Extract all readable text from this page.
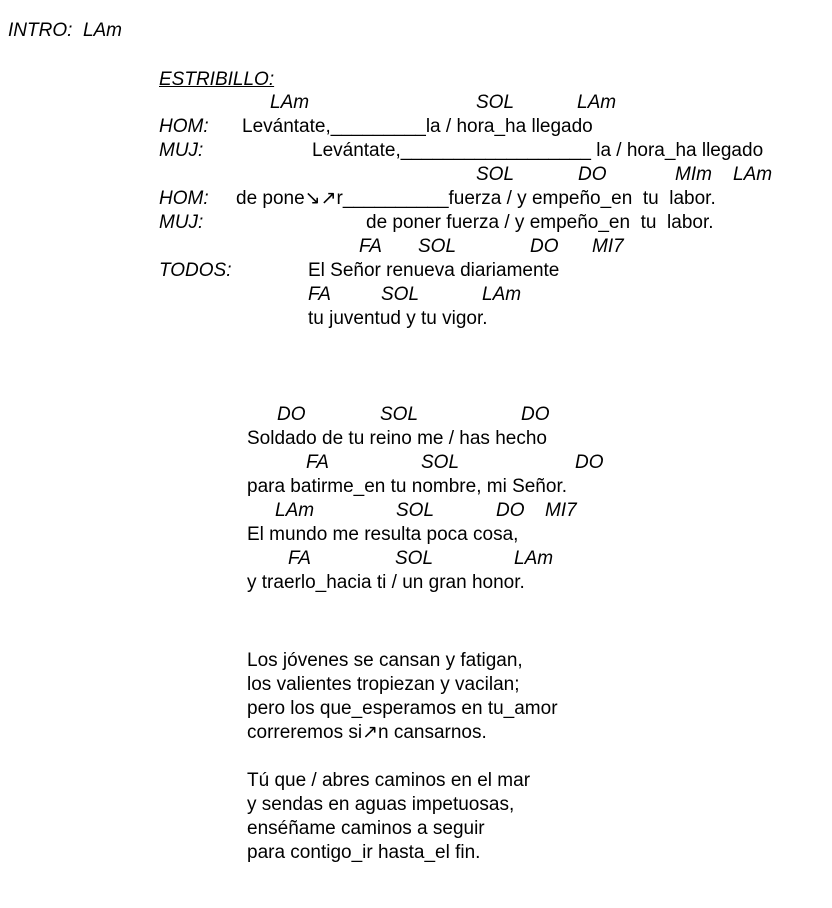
INTRO:  LAm
ESTRIBILLO:
LAm	SOL	LAm
HOM: Levántate,_________la / hora_ha llegado
MUJ:	Levántate,__________________ la / hora_ha llegado
SOL	DO	MIm LAm
HOM: de pone↘↗r__________fuerza / y empeño_en  tu  labor.
MUJ:	de poner fuerza / y empeño_en  tu  labor.
FA SOL	DO MI7
TODOS:	El Señor renueva diariamente
FA	SOL	LAm
tu juventud y tu vigor.
DO	SOL	DO
Soldado de tu reino me / has hecho
FA	SOL	DO
para batirme_en tu nombre, mi Señor.
LAm	SOL	DO MI7
El mundo me resulta poca cosa,
FA	SOL	LAm
y traerlo_hacia ti / un gran honor.
Los jóvenes se cansan y fatigan,
los valientes tropiezan y vacilan;
pero los que_esperamos en tu_amor
correremos si↗n cansarnos.
Tú que / abres caminos en el mar
y sendas en aguas impetuosas,
enséñame caminos a seguir
para contigo_ir hasta_el fin.
